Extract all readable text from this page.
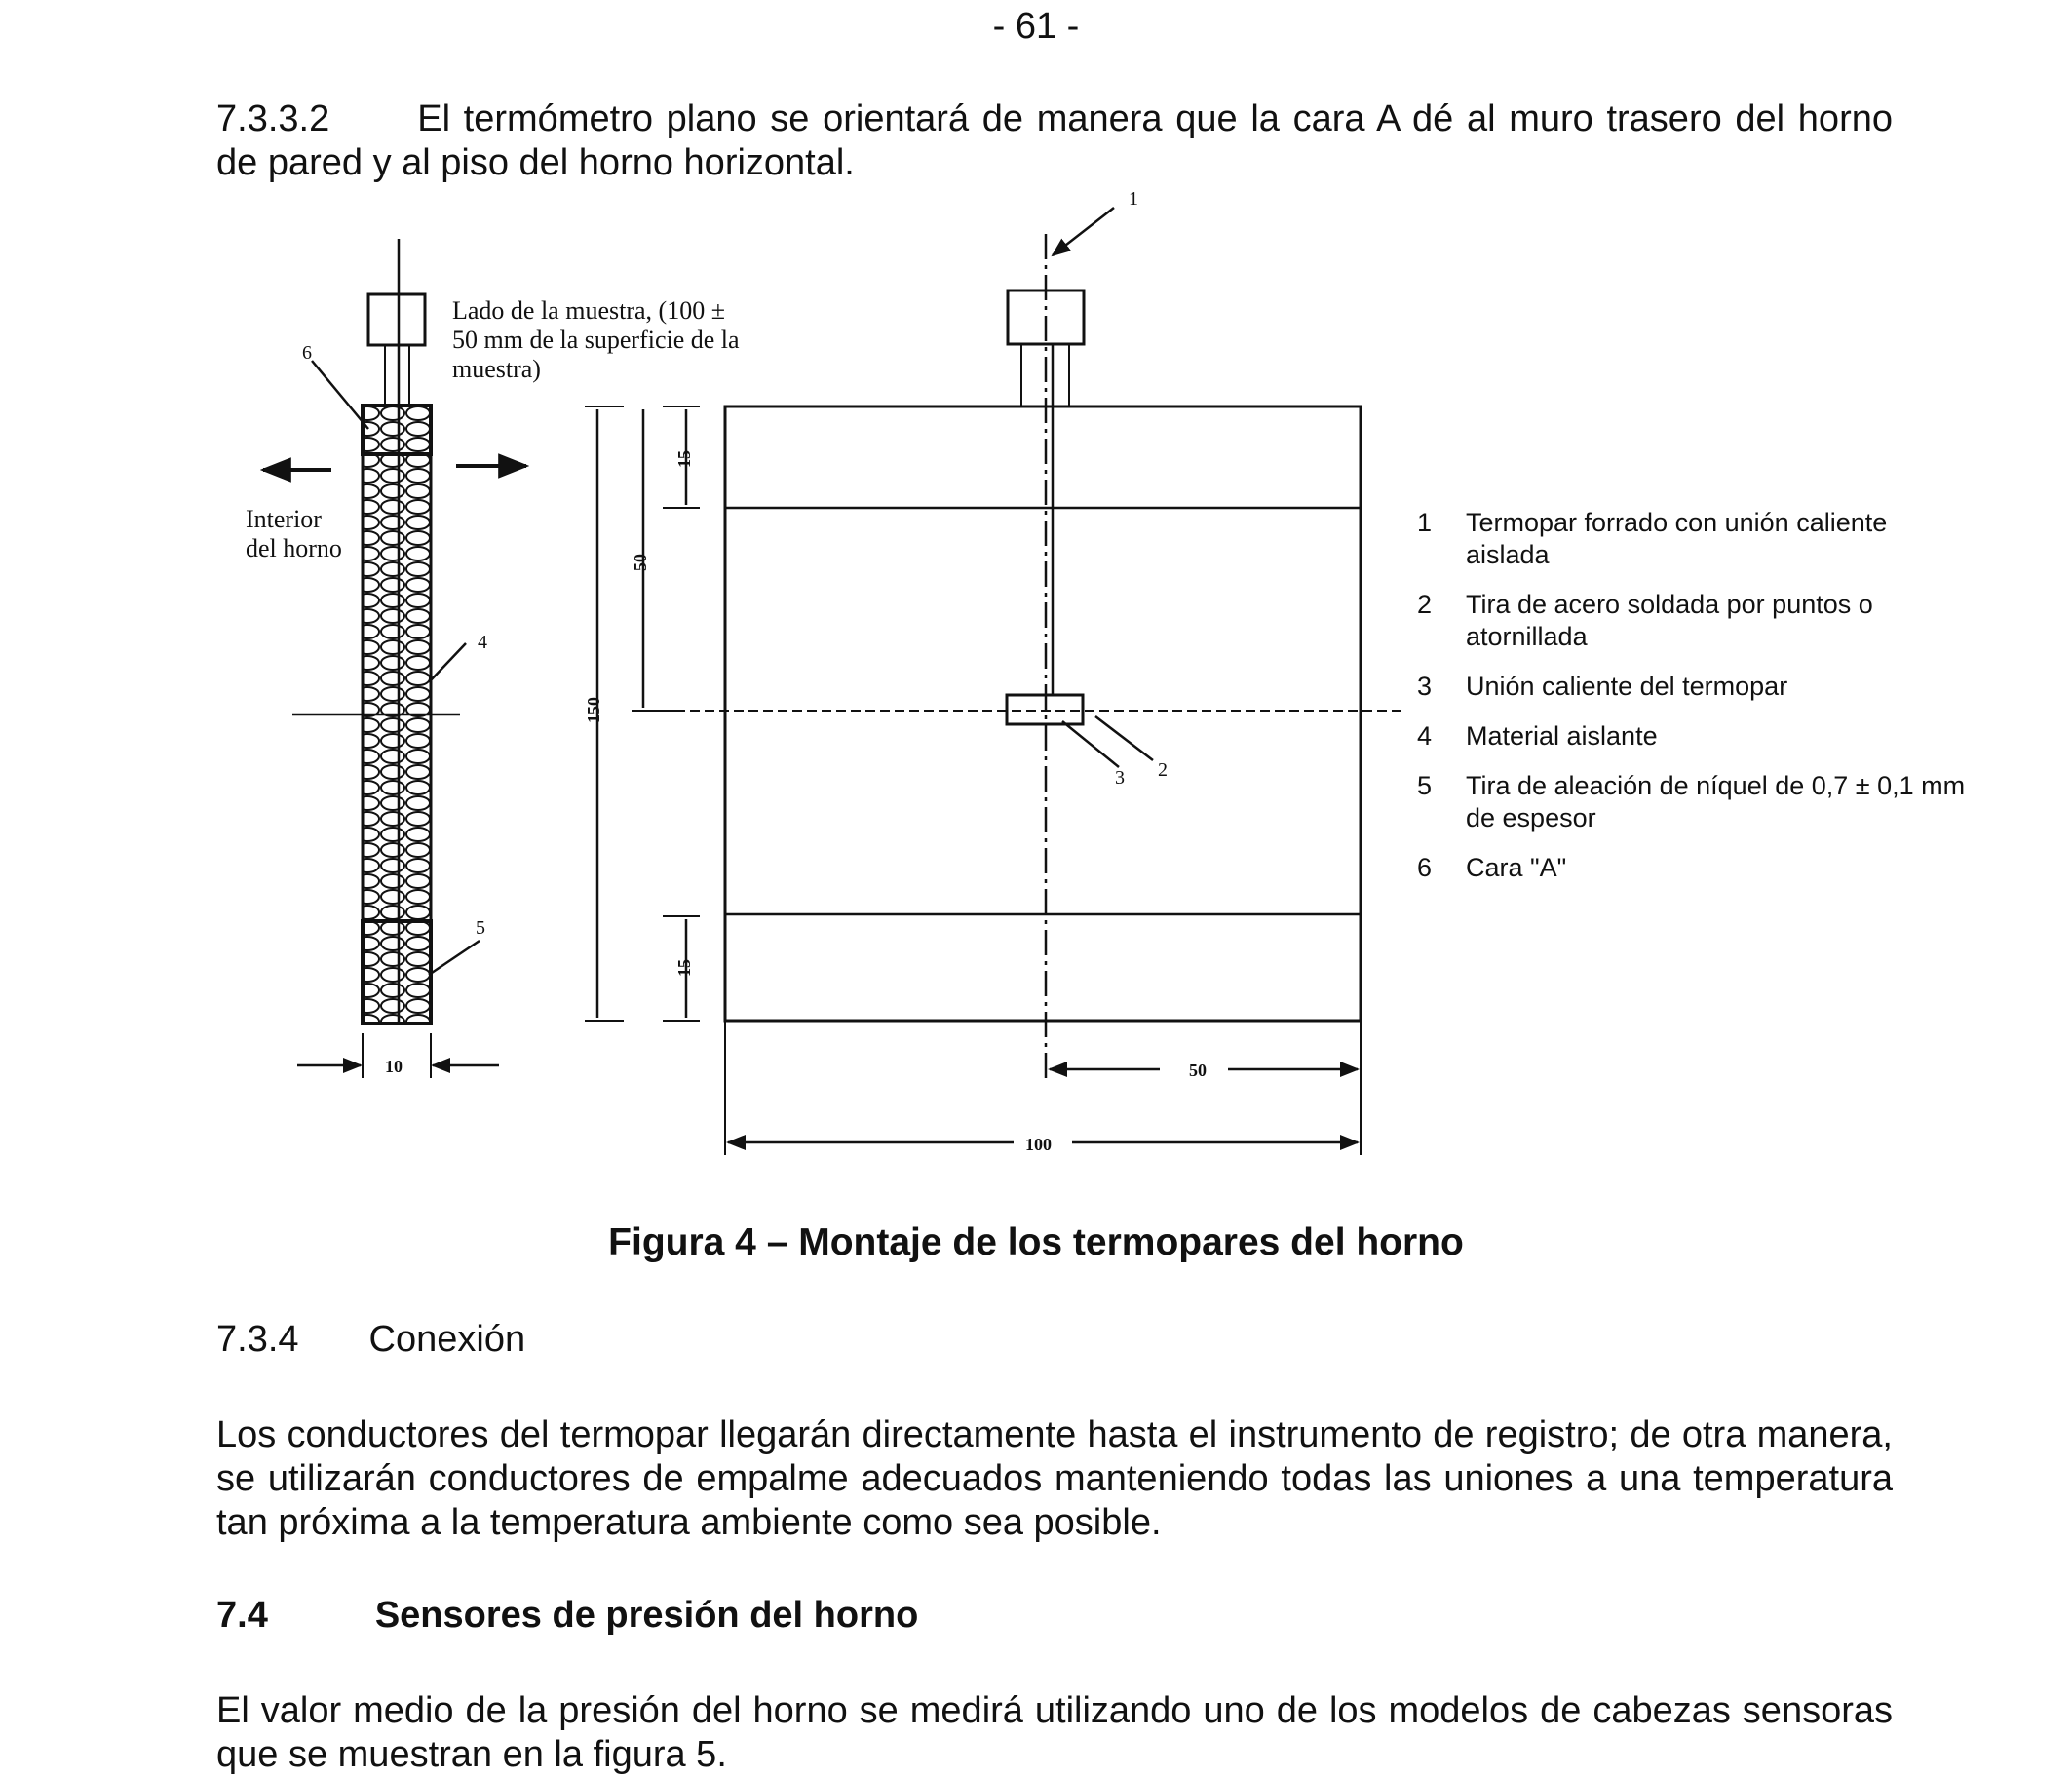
- 61 -
7.3.3.2 El termómetro plano se orientará de manera que la cara A dé al muro trasero del horno de pared y al piso del horno horizontal.
1
6
4
5
3 2
10	50
100
150
50
15
15
Lado de la muestra, (100 ± 50 mm de la superficie de la muestra)
Interior del horno
1 Termopar forrado con unión caliente aislada
2 Tira de acero soldada por puntos o atornillada
3 Unión caliente del termopar
4 Material aislante
5 Tira de aleación de níquel de 0,7 ± 0,1 mm de espesor
6 Cara "A"
Figura 4 – Montaje de los termopares del horno
7.3.4 Conexión
Los conductores del termopar llegarán directamente hasta el instrumento de registro; de otra manera, se utilizarán conductores de empalme adecuados manteniendo todas las uniones a una temperatura tan próxima a la temperatura ambiente como sea posible.
7.4	Sensores de presión del horno
El valor medio de la presión del horno se medirá utilizando uno de los modelos de cabezas sensoras que se muestran en la figura 5.
